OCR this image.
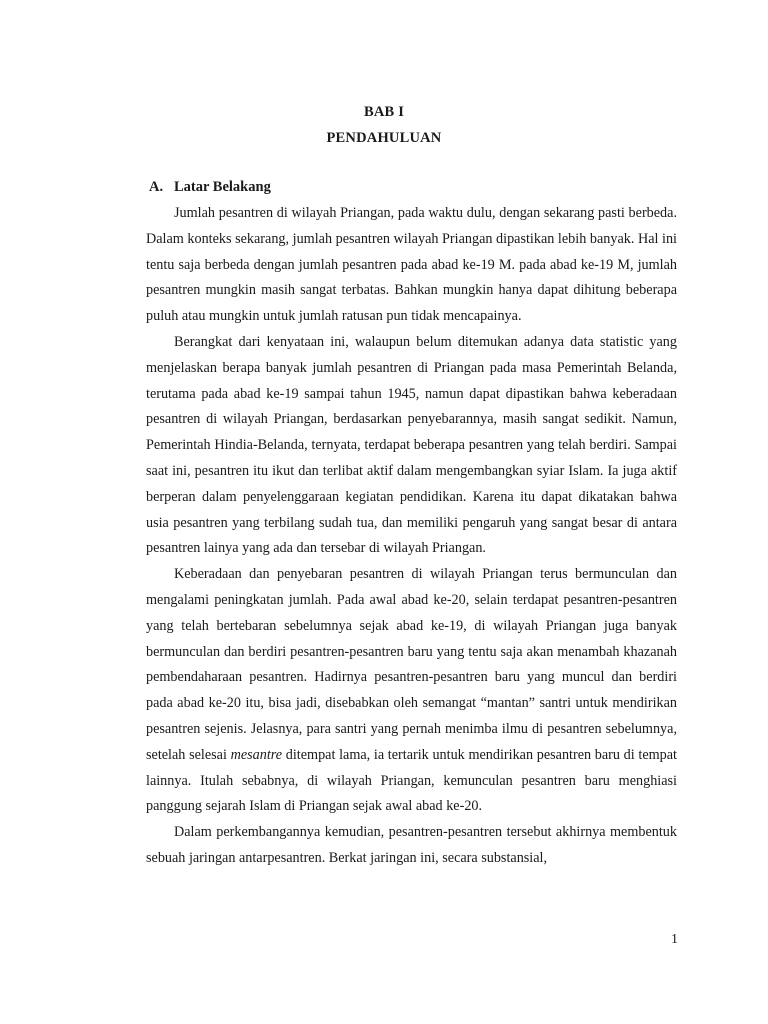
BAB I
PENDAHULUAN
A. Latar Belakang

Jumlah pesantren di wilayah Priangan, pada waktu dulu, dengan sekarang pasti berbeda. Dalam konteks sekarang, jumlah pesantren wilayah Priangan dipastikan lebih banyak. Hal ini tentu saja berbeda dengan jumlah pesantren pada abad ke-19 M. pada abad ke-19 M, jumlah pesantren mungkin masih sangat terbatas. Bahkan mungkin hanya dapat dihitung beberapa puluh atau mungkin untuk jumlah ratusan pun tidak mencapainya.

Berangkat dari kenyataan ini, walaupun belum ditemukan adanya data statistic yang menjelaskan berapa banyak jumlah pesantren di Priangan pada masa Pemerintah Belanda, terutama pada abad ke-19 sampai tahun 1945, namun dapat dipastikan bahwa keberadaan pesantren di wilayah Priangan, berdasarkan penyebarannya, masih sangat sedikit. Namun, Pemerintah Hindia-Belanda, ternyata, terdapat beberapa pesantren yang telah berdiri. Sampai saat ini, pesantren itu ikut dan terlibat aktif dalam mengembangkan syiar Islam. Ia juga aktif berperan dalam penyelenggaraan kegiatan pendidikan. Karena itu dapat dikatakan bahwa usia pesantren yang terbilang sudah tua, dan memiliki pengaruh yang sangat besar di antara pesantren lainya yang ada dan tersebar di wilayah Priangan.

Keberadaan dan penyebaran pesantren di wilayah Priangan terus bermunculan dan mengalami peningkatan jumlah. Pada awal abad ke-20, selain terdapat pesantren-pesantren yang telah bertebaran sebelumnya sejak abad ke-19, di wilayah Priangan juga banyak bermunculan dan berdiri pesantren-pesantren baru yang tentu saja akan menambah khazanah pembendaharaan pesantren. Hadirnya pesantren-pesantren baru yang muncul dan berdiri pada abad ke-20 itu, bisa jadi, disebabkan oleh semangat “mantan” santri untuk mendirikan pesantren sejenis. Jelasnya, para santri yang pernah menimba ilmu di pesantren sebelumnya, setelah selesai mesantre ditempat lama, ia tertarik untuk mendirikan pesantren baru di tempat lainnya. Itulah sebabnya, di wilayah Priangan, kemunculan pesantren baru menghiasi panggung sejarah Islam di Priangan sejak awal abad ke-20.

Dalam perkembangannya kemudian, pesantren-pesantren tersebut akhirnya membentuk sebuah jaringan antarpesantren. Berkat jaringan ini, secara substansial,

1
